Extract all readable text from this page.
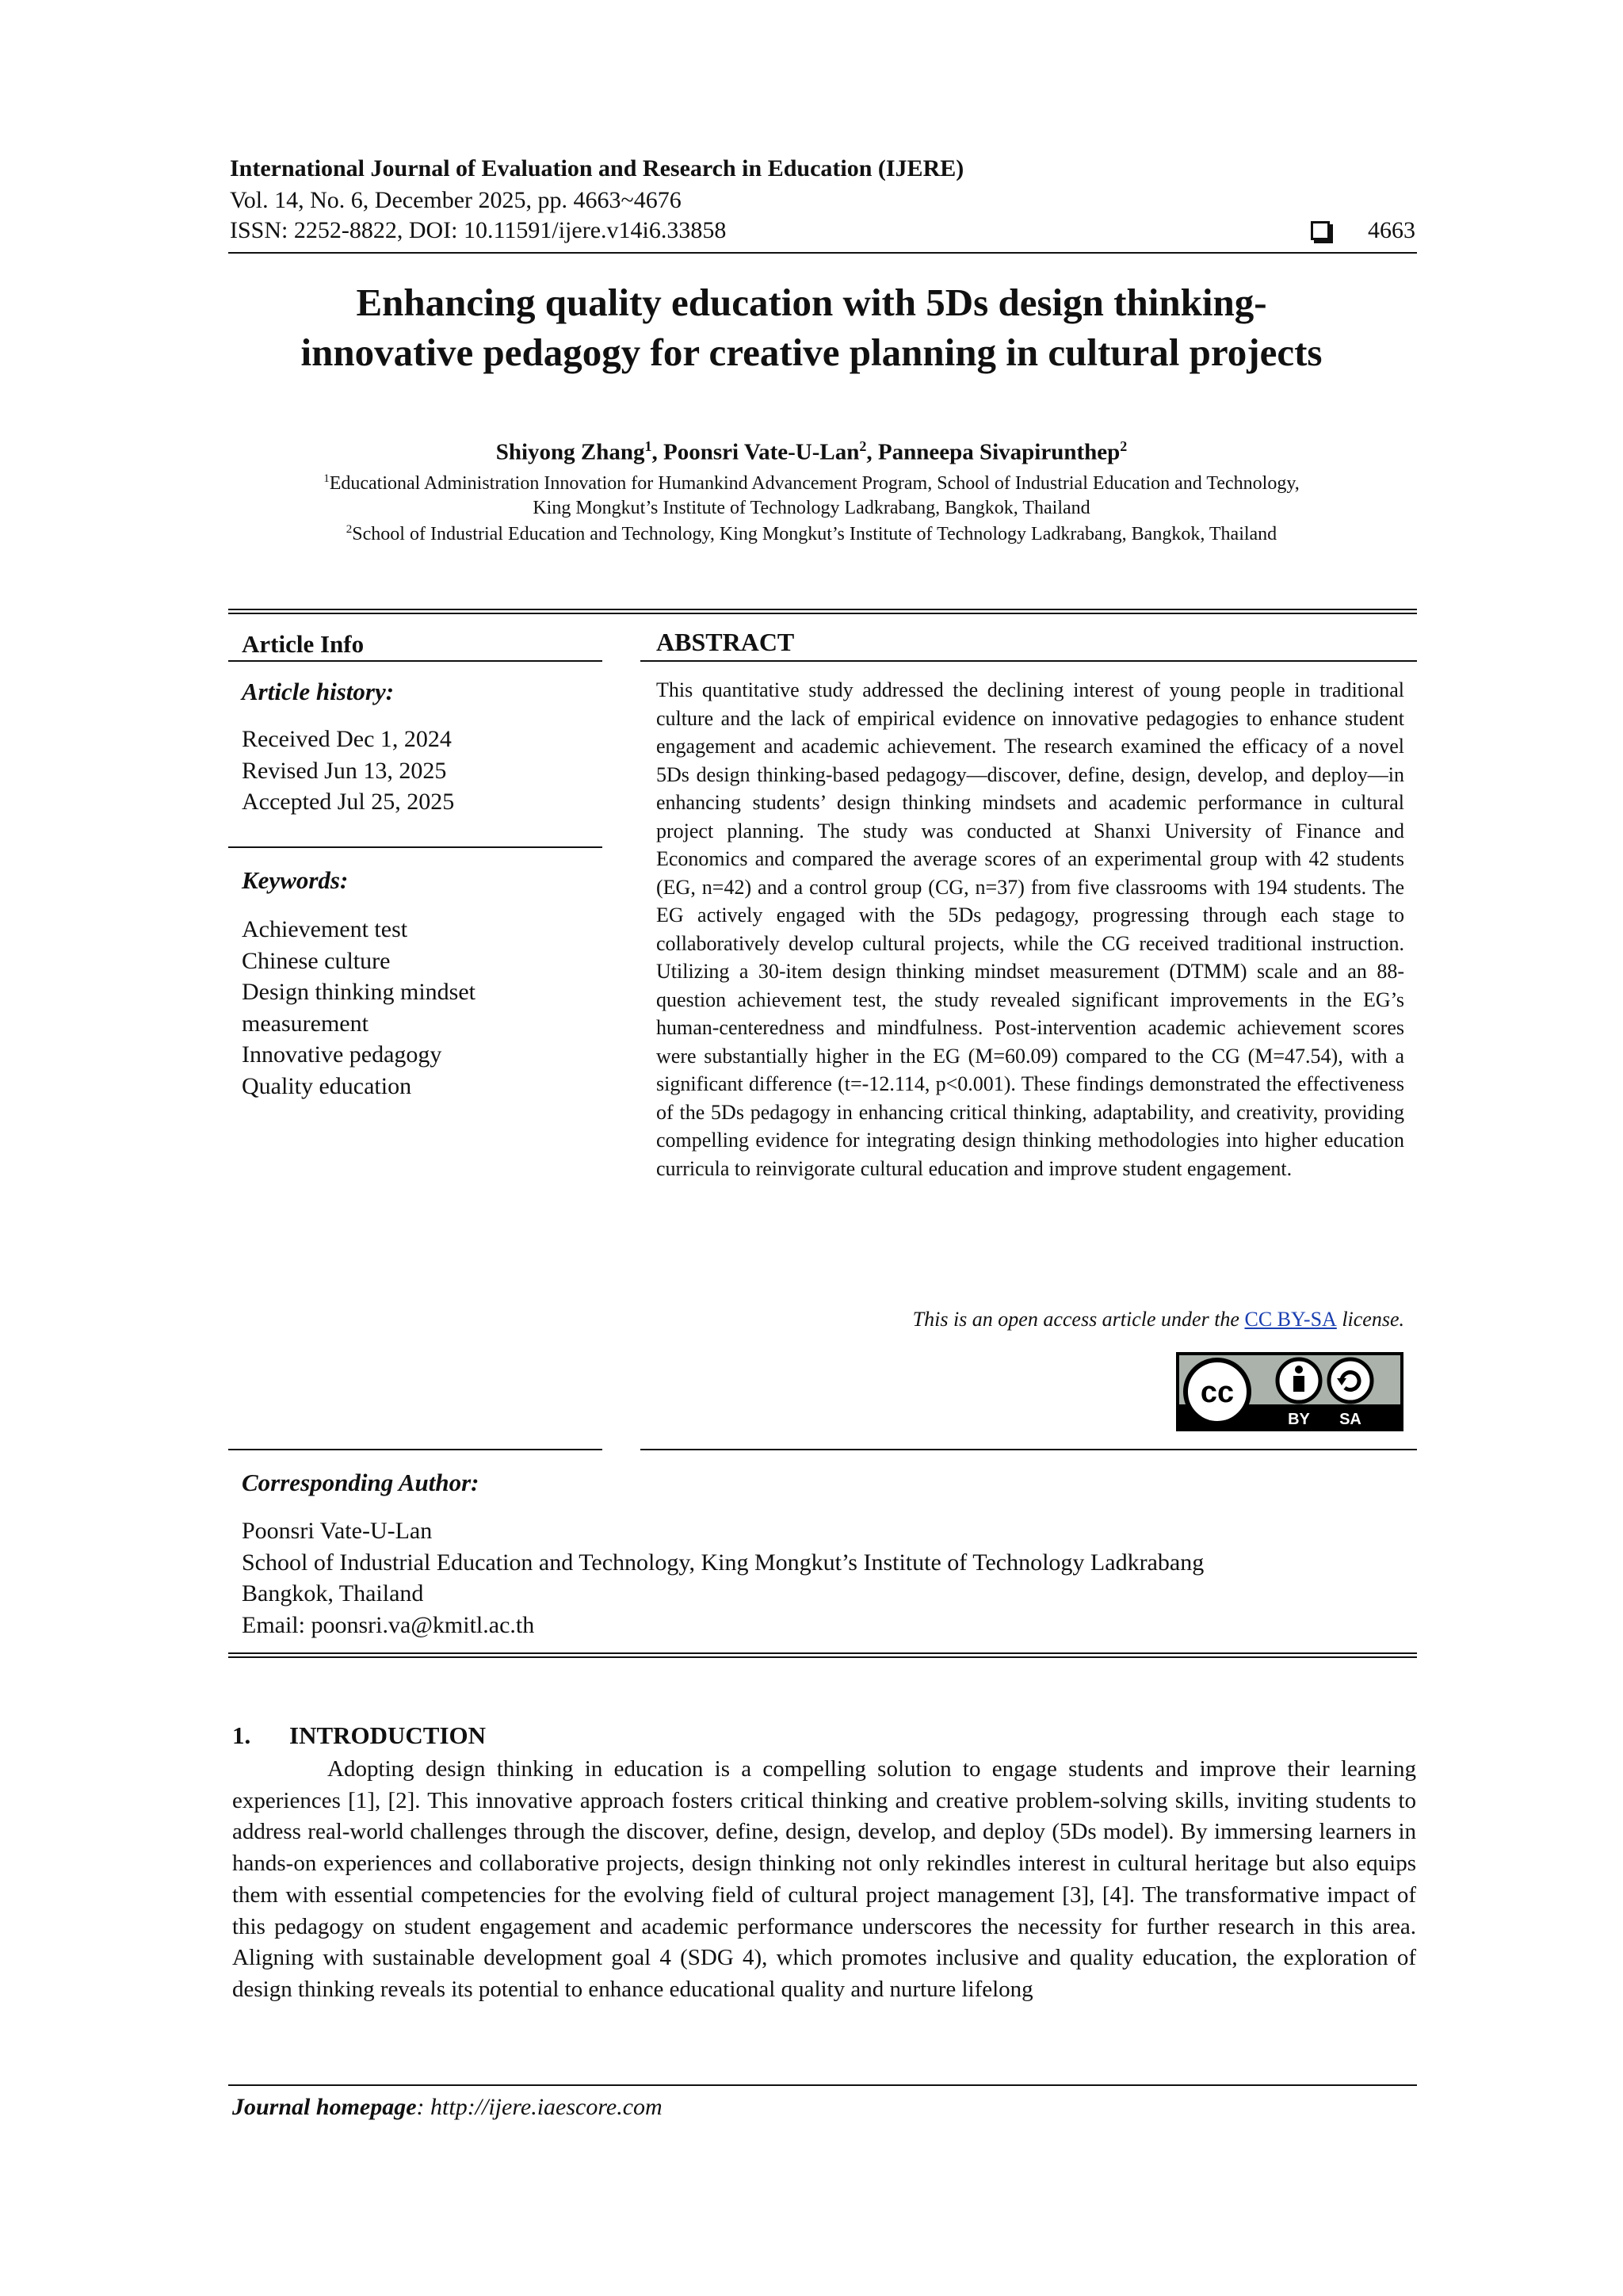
International Journal of Evaluation and Research in Education (IJERE)
Vol. 14, No. 6, December 2025, pp. 4663~4676
ISSN: 2252-8822, DOI: 10.11591/ijere.v14i6.33858	4663
Enhancing quality education with 5Ds design thinking-
innovative pedagogy for creative planning in cultural projects
Shiyong Zhang$^1$, Poonsri Vate-U-Lan$^2$, Panneepa Sivapirunthep$^2$
$^1$Educational Administration Innovation for Humankind Advancement Program, School of Industrial Education and Technology,
King Mongkut’s Institute of Technology Ladkrabang, Bangkok, Thailand
$^2$School of Industrial Education and Technology, King Mongkut’s Institute of Technology Ladkrabang, Bangkok, Thailand
Article Info
Article history:
Received Dec 1, 2024
Revised Jun 13, 2025
Accepted Jul 25, 2025
Keywords:
Achievement test
Chinese culture
Design thinking mindset
measurement
Innovative pedagogy
Quality education
ABSTRACT
This quantitative study addressed the declining interest of young people in traditional culture and the lack of empirical evidence on innovative pedagogies to enhance student engagement and academic achievement. The research examined the efficacy of a novel 5Ds design thinking-based pedagogy—discover, define, design, develop, and deploy—in enhancing students’ design thinking mindsets and academic performance in cultural project planning. The study was conducted at Shanxi University of Finance and Economics and compared the average scores of an experimental group with 42 students (EG, n=42) and a control group (CG, n=37) from five classrooms with 194 students. The EG actively engaged with the 5Ds pedagogy, progressing through each stage to collaboratively develop cultural projects, while the CG received traditional instruction. Utilizing a 30-item design thinking mindset measurement (DTMM) scale and an 88-question achievement test, the study revealed significant improvements in the EG’s human-centeredness and mindfulness. Post-intervention academic achievement scores were substantially higher in the EG (M=60.09) compared to the CG (M=47.54), with a significant difference (t=-12.114, p<0.001). These findings demonstrated the effectiveness of the 5Ds pedagogy in enhancing critical thinking, adaptability, and creativity, providing compelling evidence for integrating design thinking methodologies into higher education curricula to reinvigorate cultural education and improve student engagement.
This is an open access article under the CC BY-SA license.
cc
BY SA
Corresponding Author:
Poonsri Vate-U-Lan
School of Industrial Education and Technology, King Mongkut’s Institute of Technology Ladkrabang
Bangkok, Thailand
Email: poonsri.va@kmitl.ac.th
1. INTRODUCTION

Adopting design thinking in education is a compelling solution to engage students and improve their learning experiences [1], [2]. This innovative approach fosters critical thinking and creative problem-solving skills, inviting students to address real-world challenges through the discover, define, design, develop, and deploy (5Ds model). By immersing learners in hands-on experiences and collaborative projects, design thinking not only rekindles interest in cultural heritage but also equips them with essential competencies for the evolving field of cultural project management [3], [4]. The transformative impact of this pedagogy on student engagement and academic performance underscores the necessity for further research in this area. Aligning with sustainable development goal 4 (SDG 4), which promotes inclusive and quality education, the exploration of design thinking reveals its potential to enhance educational quality and nurture lifelong

Journal homepage: http://ijere.iaescore.com
